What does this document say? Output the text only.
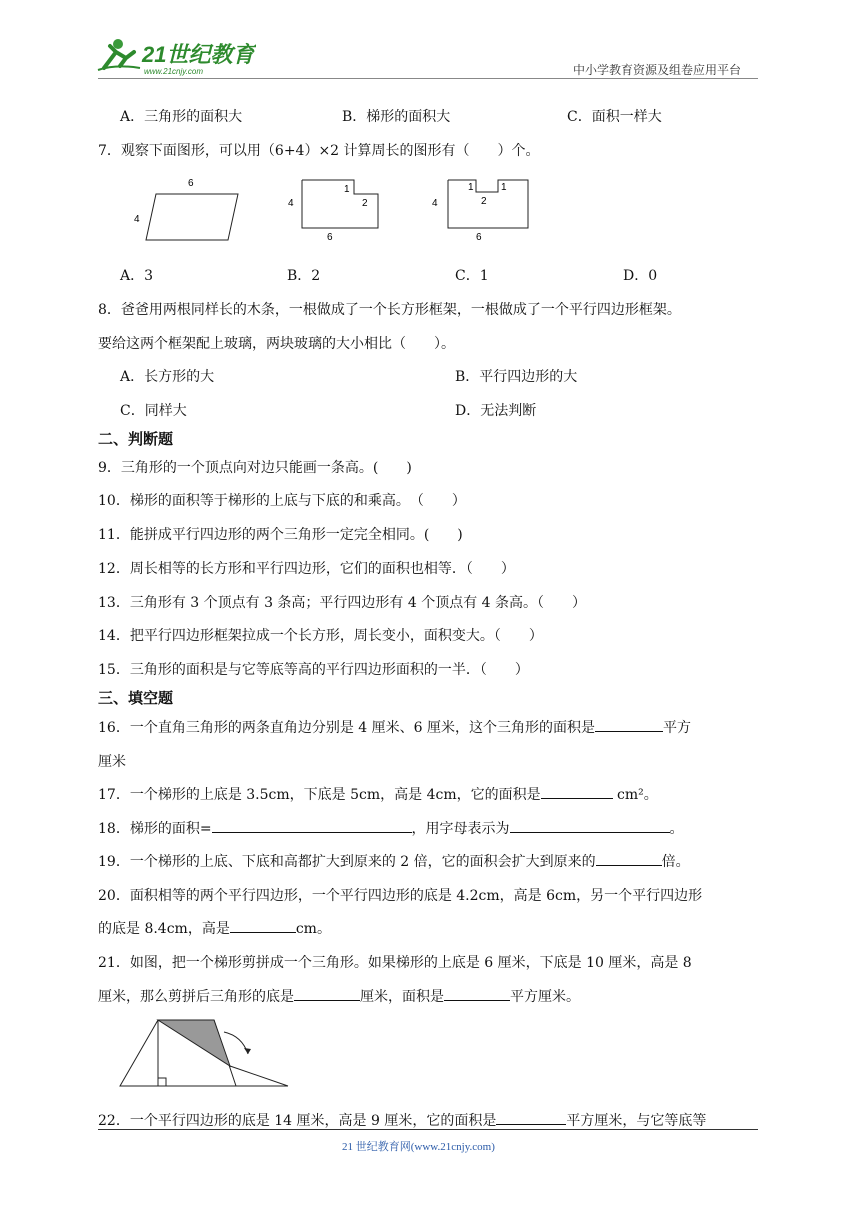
21世纪教育
www.21cnjy.com	中小学教育资源及组卷应用平台
A．三角形的面积大	B．梯形的面积大	C．面积一样大
7．观察下面图形，可以用（6+4）×2 计算周长的图形有（　　）个。
6
4
4
1
2
6
4
1	1
2
6
A．3	B．2	C．1	D．0
8．爸爸用两根同样长的木条，一根做成了一个长方形框架，一根做成了一个平行四边形框架。
要给这两个框架配上玻璃，两块玻璃的大小相比（　　）。
A．长方形的大	B．平行四边形的大
C．同样大	D．无法判断
二、判断题
9．三角形的一个顶点向对边只能画一条高。(　　)
10．梯形的面积等于梯形的上底与下底的和乘高。　（　　）
11．能拼成平行四边形的两个三角形一定完全相同。(　　)
12．周长相等的长方形和平行四边形，它们的面积也相等．（　　）
13．三角形有 3 个顶点有 3 条高；平行四边形有 4 个顶点有 4 条高。（　　）
14．把平行四边形框架拉成一个长方形，周长变小，面积变大。（　　）
15．三角形的面积是与它等底等高的平行四边形面积的一半．（　　）
三、填空题
16．一个直角三角形的两条直角边分别是 4 厘米、6 厘米，这个三角形的面积是	平方
厘米
17．一个梯形的上底是 3.5cm，下底是 5cm，高是 4cm，它的面积是	cm²。
18．梯形的面积=	，用字母表示为	。
19．一个梯形的上底、下底和高都扩大到原来的 2 倍，它的面积会扩大到原来的	倍。
20．面积相等的两个平行四边形，一个平行四边形的底是 4.2cm，高是 6cm，另一个平行四边形
的底是 8.4cm，高是	cm。
21．如图，把一个梯形剪拼成一个三角形。如果梯形的上底是 6 厘米，下底是 10 厘米，高是 8
厘米，那么剪拼后三角形的底是	厘米，面积是	平方厘米。
22．一个平行四边形的底是 14 厘米，高是 9 厘米，它的面积是	平方厘米，与它等底等
21 世纪教育网(www.21cnjy.com)
